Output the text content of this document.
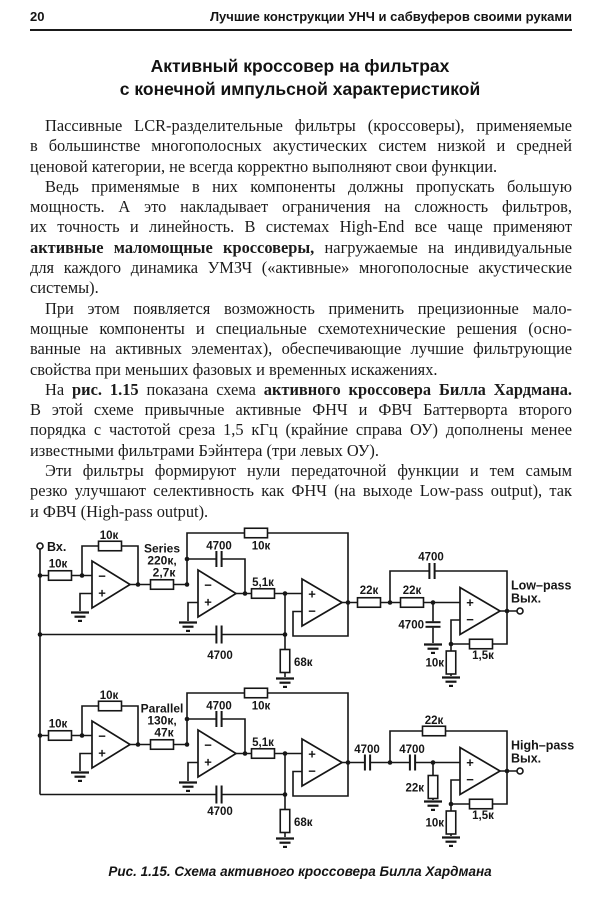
20	Лучшие конструкции УНЧ и сабвуферов своими руками
Активный кроссовер на фильтрах
с конечной импульсной характеристикой
Пассивные LCR-разделительные фильтры (кроссоверы), применяемые
в большинстве многополосных акустических систем низкой и средней
ценовой категории, не всегда корректно выполняют свои функции.
Ведь применямые в них компоненты должны пропускать большую
мощность. А это накладывает ограничения на сложность фильтров,
их точность и линейность. В системах High-End все чаще применяют
активные маломощные кроссоверы, нагружаемые на индивидуальные
для каждого динамика УМЗЧ («активные» многополосные акустические
системы).
При этом появляется возможность применить прецизионные мало-
мощные компоненты и специальные схемотехнические решения (осно-
ванные на активных элементах), обеспечивающие лучшие фильтрующие
свойства при меньших фазовых и временных искажениях.
На рис. 1.15 показана схема активного кроссовера Билла Хардмана.
В этой схеме привычные активные ФНЧ и ФВЧ Баттерворта второго
порядка с частотой среза 1,5 кГц (крайние справа ОУ) дополнены менее
известными фильтрами Бэйнтера (три левых ОУ).
Эти фильтры формируют нули передаточной функции и тем самым
резко улучшают селективность как ФНЧ (на выходе Low-pass output), так
и ФВЧ (High-pass output).
Вх.
−
+
−
+
+
−
+
−
10к
10к
Series
220к,
2,7к
10к
4700
5,1к
68к
4700	1,5к
10к
22к 22к
4700
4700
Low–pass
Вых.
−
+
−
+
+
−
+
−
10к
10к
Parallel
130к,
47к
10к
4700
5,1к
68к
4700	1,5к
10к
4700 4700
22к
22к
High–pass
Вых.
Рис. 1.15. Схема активного кроссовера Билла Хардмана
